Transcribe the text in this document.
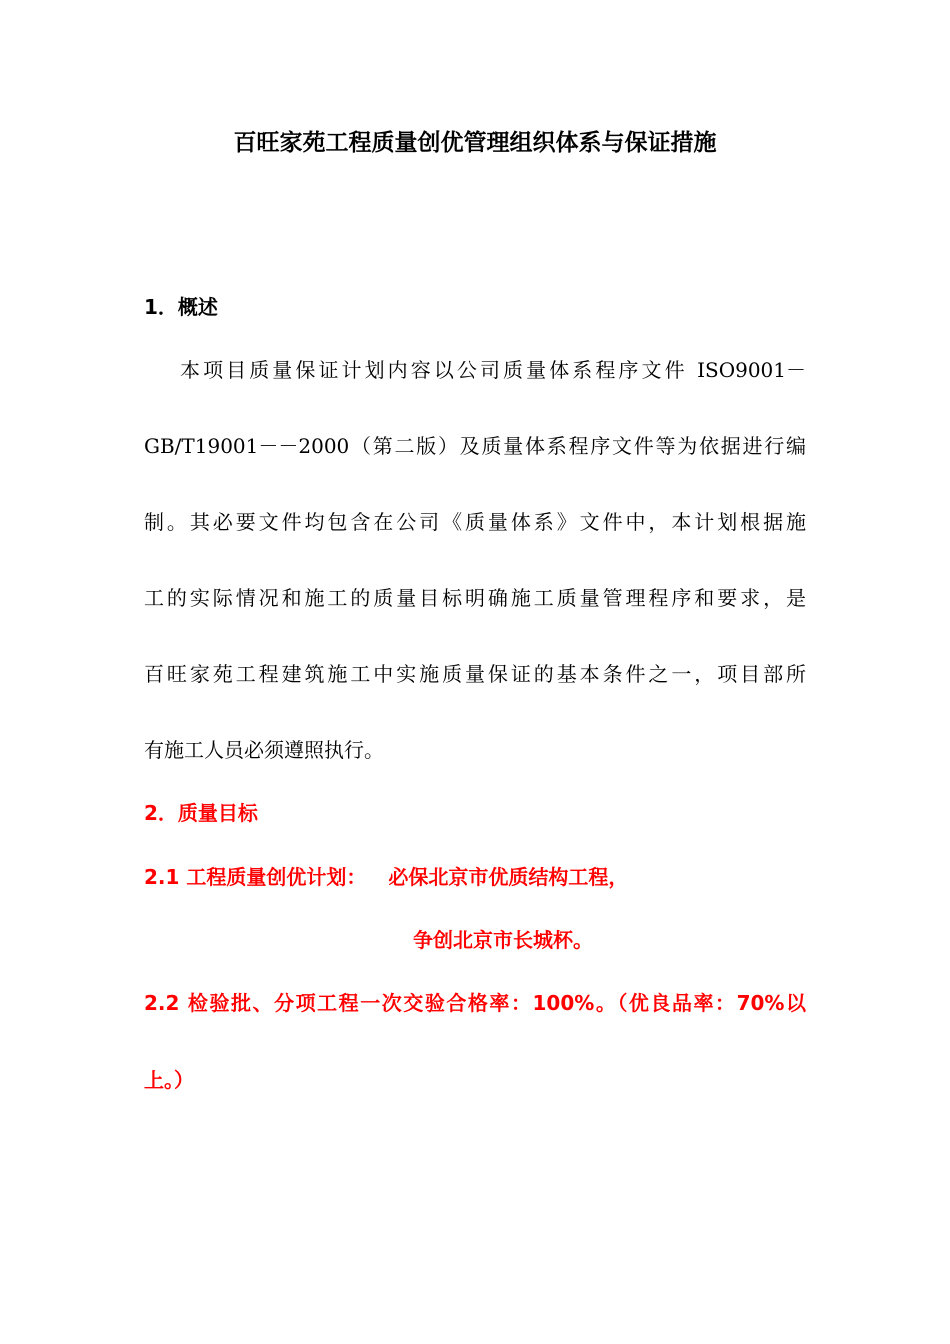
百旺家苑工程质量创优管理组织体系与保证措施
1．概述
本项目质量保证计划内容以公司质量体系程序文件 ISO9001－
GB/T19001－－2000（第二版）及质量体系程序文件等为依据进行编
制。其必要文件均包含在公司《质量体系》文件中，本计划根据施
工的实际情况和施工的质量目标明确施工质量管理程序和要求，是
百旺家苑工程建筑施工中实施质量保证的基本条件之一，项目部所
有施工人员必须遵照执行。
2．质量目标
2.1 工程质量创优计划： 必保北京市优质结构工程，
争创北京市长城杯。
2.2 检验批、分项工程一次交验合格率：100%。（优良品率：70%以
上。）
